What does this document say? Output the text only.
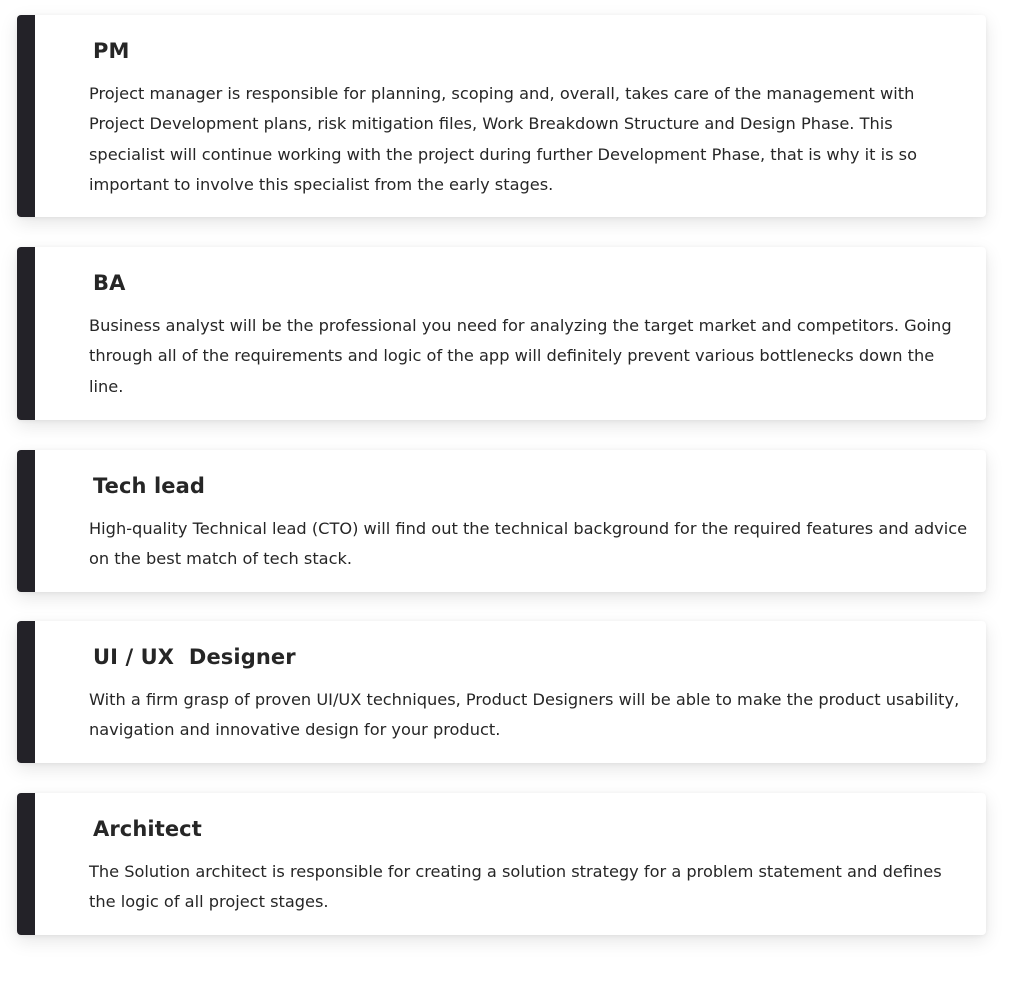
PM

Project manager is responsible for planning, scoping and, overall, takes care of the management with Project Development plans, risk mitigation files, Work Breakdown Structure and Design Phase. This specialist will continue working with the project during further Development Phase, that is why it is so important to involve this specialist from the early stages.

BA

Business analyst will be the professional you need for analyzing the target market and competitors. Going through all of the requirements and logic of the app will definitely prevent various bottlenecks down the line.

Tech lead

High-quality Technical lead (CTO) will find out the technical background for the required features and advice on the best match of tech stack.

UI / UX  Designer

With a firm grasp of proven UI/UX techniques, Product Designers will be able to make the product usability, navigation and innovative design for your product.

Architect

The Solution architect is responsible for creating a solution strategy for a problem statement and defines the logic of all project stages.
